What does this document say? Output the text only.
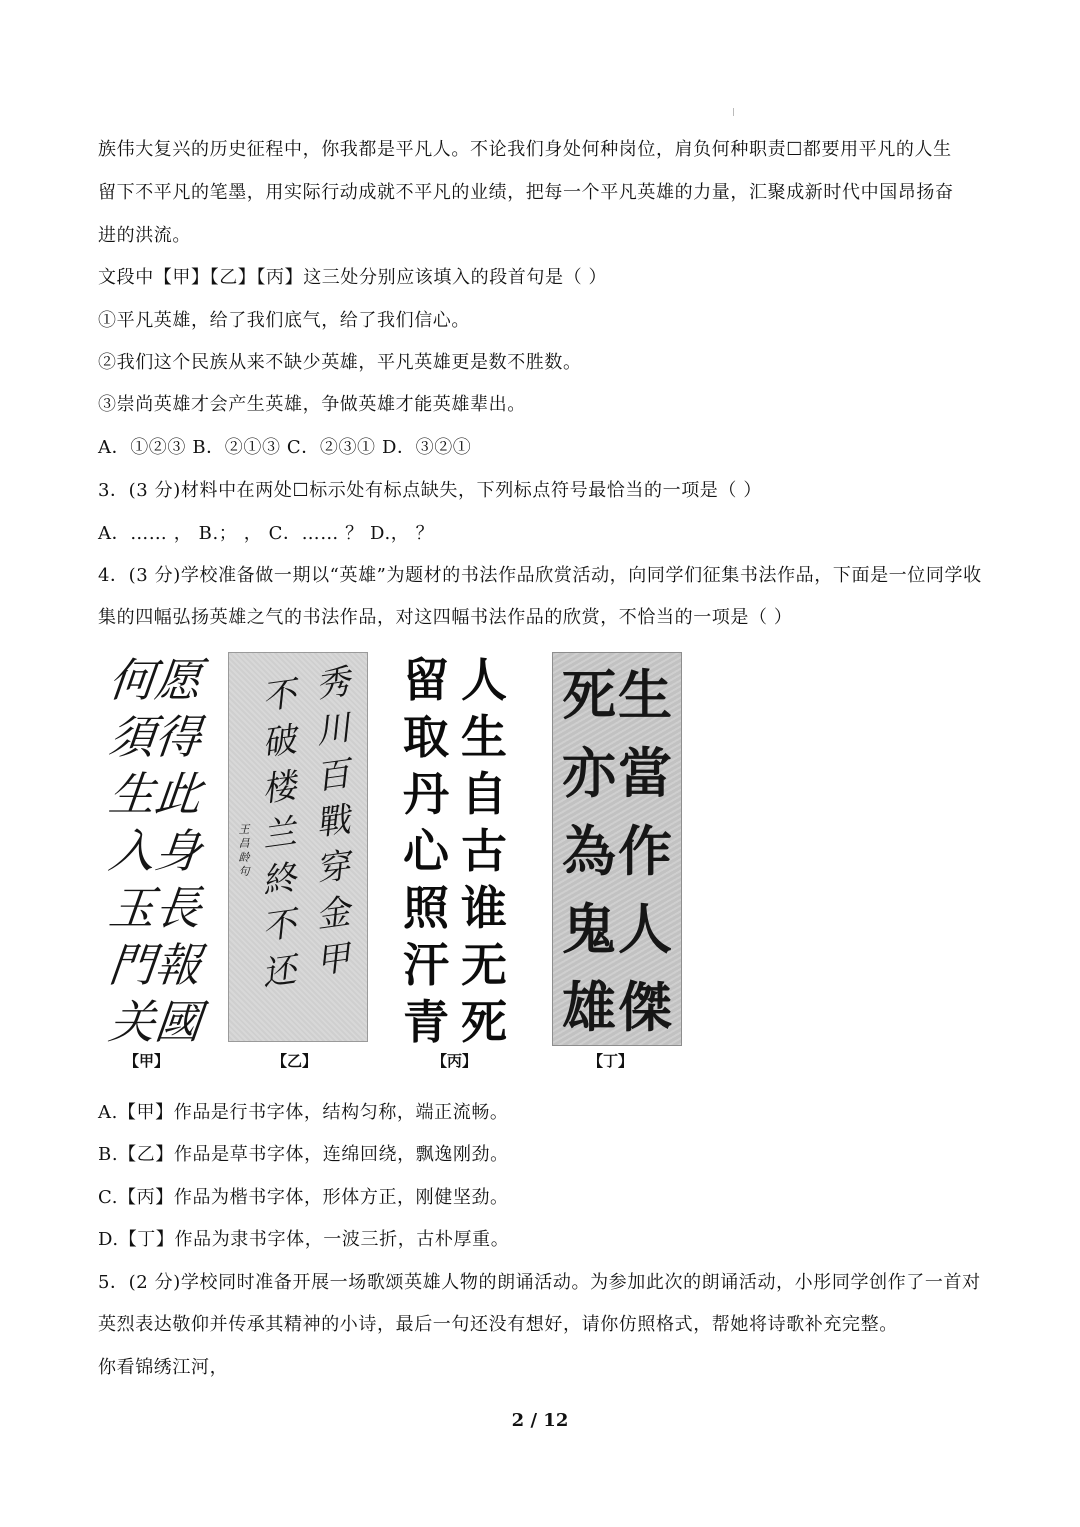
族伟大复兴的历史征程中，你我都是平凡人。不论我们身处何种岗位，肩负何种职责☐都要用平凡的人生
留下不平凡的笔墨，用实际行动成就不平凡的业绩，把每一个平凡英雄的力量，汇聚成新时代中国昂扬奋
进的洪流。
文段中【甲】【乙】【丙】这三处分别应该填入的段首句是（ ）
①平凡英雄，给了我们底气，给了我们信心。
②我们这个民族从来不缺少英雄，平凡英雄更是数不胜数。
③崇尚英雄才会产生英雄，争做英雄才能英雄辈出。
A．①②③ B．②①③ C．②③① D．③②①
3．(3 分)材料中在两处☐标示处有标点缺失，下列标点符号最恰当的一项是（ ）
A．…… ， B.； ， C．…… ？ D.， ？
4．(3 分)学校准备做一期以“英雄”为题材的书法作品欣赏活动，向同学们征集书法作品，下面是一位同学收
集的四幅弘扬英雄之气的书法作品，对这四幅书法作品的欣赏，不恰当的一项是（ ）
何
須
生
入
玉
門
关
愿
得
此
身
長
報
國
王
昌
龄
句
不
破
楼
兰
終
不
还
秀
川
百
戰
穿
金
甲
留
取
丹
心
照
汗
青
人
生
自
古
谁
无
死
死
亦
為
鬼
雄
生
當
作
人
傑
【甲】	【乙】	【丙】	【丁】
A.【甲】作品是行书字体，结构匀称，端正流畅。
B.【乙】作品是草书字体，连绵回绕，飘逸刚劲。
C.【丙】作品为楷书字体，形体方正，刚健坚劲。
D.【丁】作品为隶书字体，一波三折，古朴厚重。
5．(2 分)学校同时准备开展一场歌颂英雄人物的朗诵活动。为参加此次的朗诵活动，小彤同学创作了一首对
英烈表达敬仰并传承其精神的小诗，最后一句还没有想好，请你仿照格式，帮她将诗歌补充完整。
你看锦绣江河，
2 / 12
